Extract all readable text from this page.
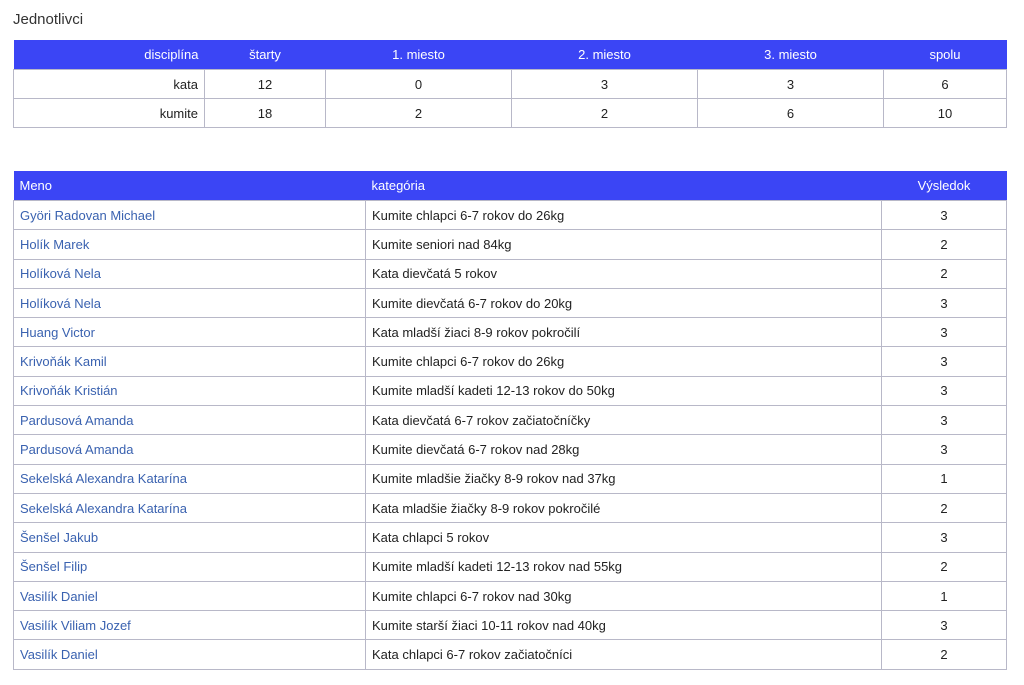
Jednotlivci
disciplína	štarty	1. miesto	2. miesto	3. miesto	spolu
kata	12	0	3	3	6
kumite	18	2	2	6	10
Meno	kategória	Výsledok
Györi Radovan Michael	Kumite chlapci 6-7 rokov do 26kg	3
Holík Marek	Kumite seniori nad 84kg	2
Holíková Nela	Kata dievčatá 5 rokov	2
Holíková Nela	Kumite dievčatá 6-7 rokov do 20kg	3
Huang Victor	Kata mladší žiaci 8-9 rokov pokročilí	3
Krivoňák Kamil	Kumite chlapci 6-7 rokov do 26kg	3
Krivoňák Kristián	Kumite mladší kadeti 12-13 rokov do 50kg	3
Pardusová Amanda	Kata dievčatá 6-7 rokov začiatočníčky	3
Pardusová Amanda	Kumite dievčatá 6-7 rokov nad 28kg	3
Sekelská Alexandra Katarína	Kumite mladšie žiačky 8-9 rokov nad 37kg	1
Sekelská Alexandra Katarína	Kata mladšie žiačky 8-9 rokov pokročilé	2
Šenšel Jakub	Kata chlapci 5 rokov	3
Šenšel Filip	Kumite mladší kadeti 12-13 rokov nad 55kg	2
Vasilík Daniel	Kumite chlapci 6-7 rokov nad 30kg	1
Vasilík Viliam Jozef	Kumite starší žiaci 10-11 rokov nad 40kg	3
Vasilík Daniel	Kata chlapci 6-7 rokov začiatočníci	2
